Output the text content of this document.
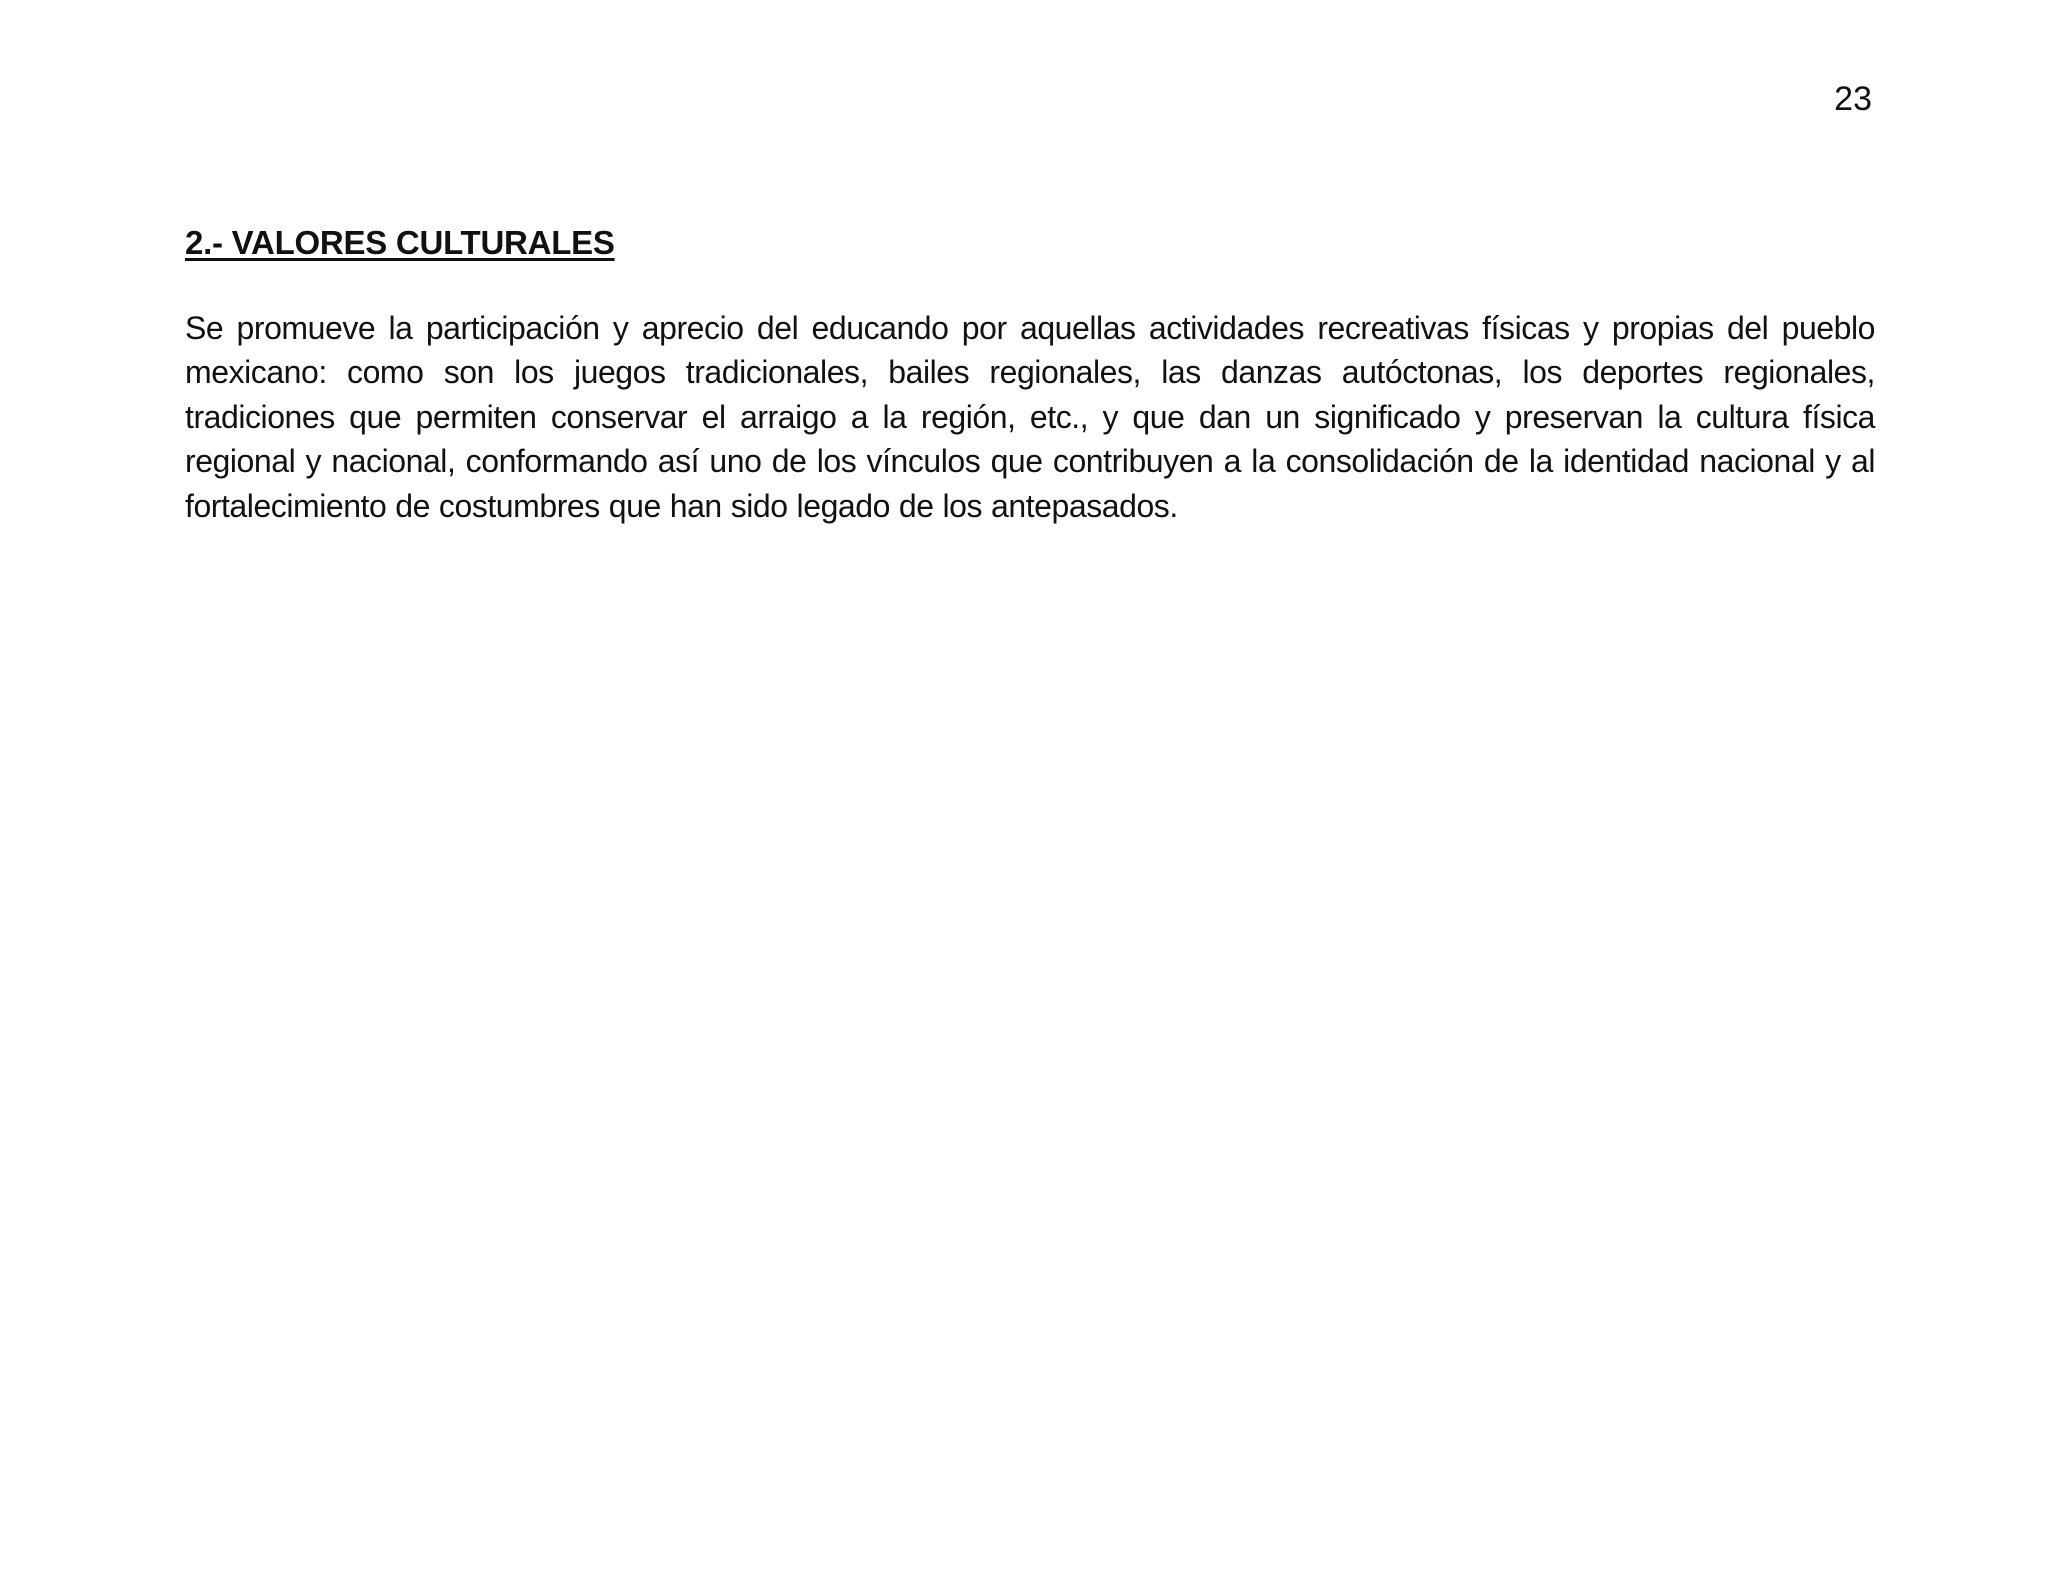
23
2.- VALORES CULTURALES

Se promueve la participación y aprecio del educando por aquellas actividades recreativas físicas y propias del pueblo mexicano: como son los juegos tradicionales, bailes regionales, las danzas autóctonas, los deportes regionales, tradiciones que permiten conservar el arraigo a la región, etc., y que dan un significado y preservan la cultura física regional y nacional, conformando así uno de los vínculos que contribuyen a la consolidación de la identidad nacional y al fortalecimiento de costumbres que han sido legado de los antepasados.
